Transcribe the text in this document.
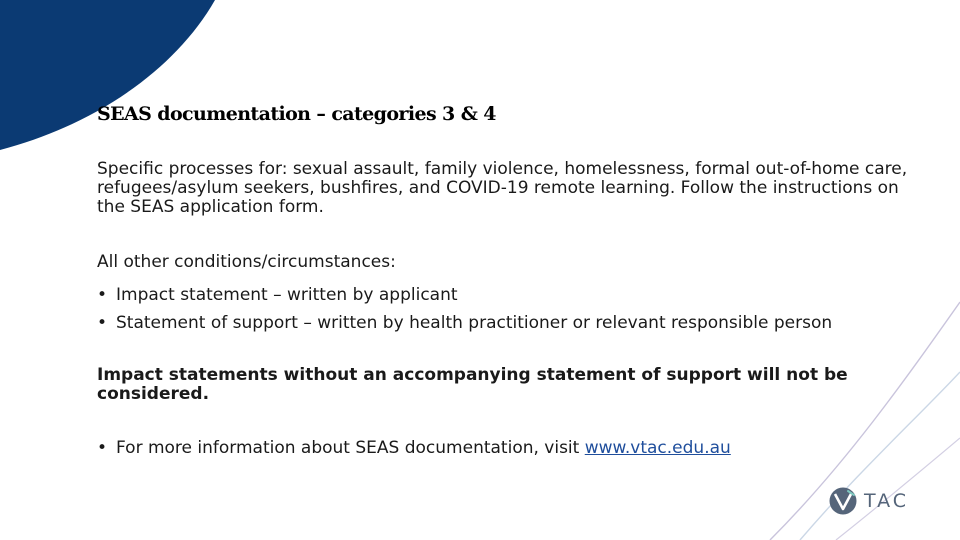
SEAS documentation – categories 3 & 4

Specific processes for: sexual assault, family violence, homelessness, formal out-of-home care, refugees/asylum seekers, bushfires, and COVID-19 remote learning. Follow the instructions on the SEAS application form.

All other conditions/circumstances:

• Impact statement – written by applicant
• Statement of support – written by health practitioner or relevant responsible person

Impact statements without an accompanying statement of support will not be considered.

• For more information about SEAS documentation, visit www.vtac.edu.au
TAC
